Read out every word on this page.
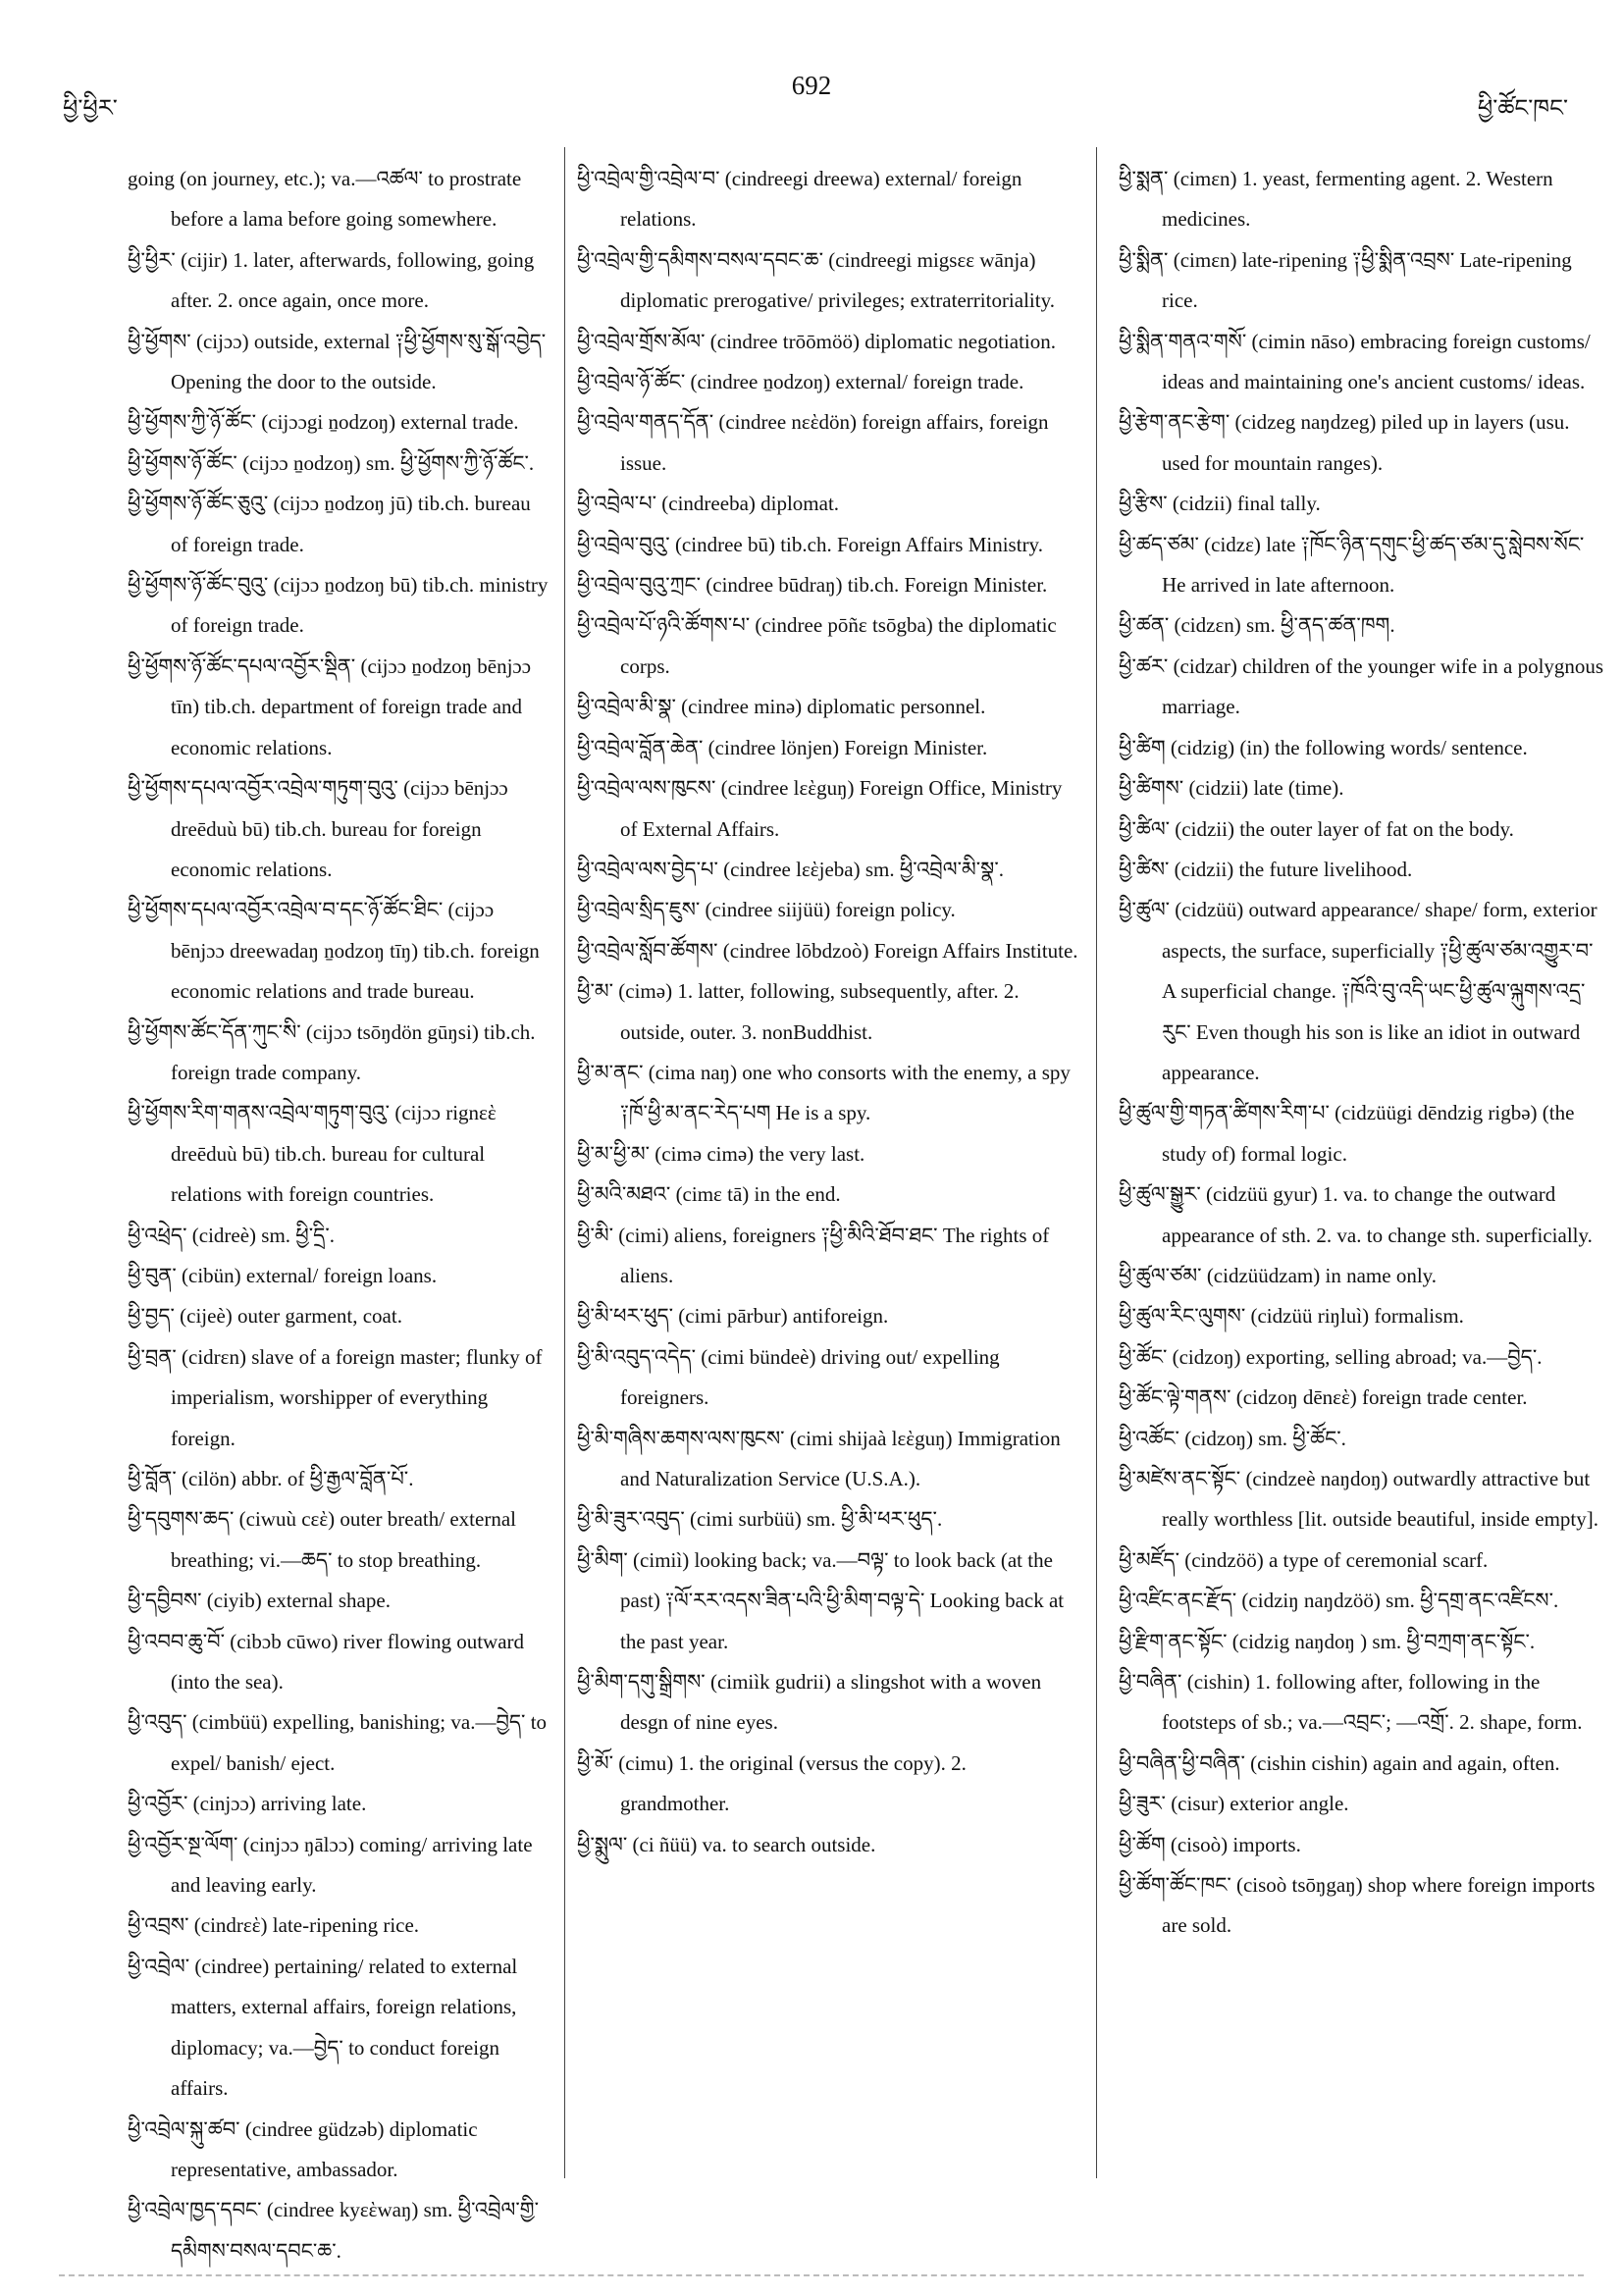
ཕྱི་ཕྱིར་
692
ཕྱི་ཚོང་ཁང་

going (on journey, etc.); va.—འཚལ་ to prostrate before a lama before going somewhere.

ཕྱི་ཕྱིར་ (cijir) 1. later, afterwards, following, going after. 2. once again, once more.

ཕྱི་ཕྱོགས་ (cijɔɔ) outside, external ༑ཕྱི་ཕྱོགས་སུ་སྒོ་འབྱེད་ Opening the door to the outside.

ཕྱི་ཕྱོགས་ཀྱི་ཉོ་ཚོང་ (cijɔɔgi ṉodzoŋ) external trade.

ཕྱི་ཕྱོགས་ཉོ་ཚོང་ (cijɔɔ ṉodzoŋ) sm. ཕྱི་ཕྱོགས་ཀྱི་ཉོ་ཚོང་.

ཕྱི་ཕྱོགས་ཉོ་ཚོང་ཅུའུ་ (cijɔɔ ṉodzoŋ jū) tib.ch. bureau of foreign trade.

ཕྱི་ཕྱོགས་ཉོ་ཚོང་བུའུ་ (cijɔɔ ṉodzoŋ bū) tib.ch. ministry of foreign trade.

ཕྱི་ཕྱོགས་ཉོ་ཚོང་དཔལ་འབྱོར་སྡིན་ (cijɔɔ ṉodzoŋ bēnjɔɔ tīn) tib.ch. department of foreign trade and economic relations.

ཕྱི་ཕྱོགས་དཔལ་འབྱོར་འབྲེལ་གཏུག་བུའུ་ (cijɔɔ bēnjɔɔ dreēduù bū) tib.ch. bureau for foreign economic relations.

ཕྱི་ཕྱོགས་དཔལ་འབྱོར་འབྲེལ་བ་དང་ཉོ་ཚོང་ཐིང་ (cijɔɔ bēnjɔɔ dreewadaŋ ṉodzoŋ tīŋ) tib.ch. foreign economic relations and trade bureau.

ཕྱི་ཕྱོགས་ཚོང་དོན་ཀུང་སི་ (cijɔɔ tsōŋdön gūŋsi) tib.ch. foreign trade company.

ཕྱི་ཕྱོགས་རིག་གནས་འབྲེལ་གཏུག་བུའུ་ (cijɔɔ rignεὲ dreēduù bū) tib.ch. bureau for cultural relations with foreign countries.

ཕྱི་འཕྲེད་ (cidreè) sm. ཕྱི་དྲི་.

ཕྱི་བུན་ (cibün) external/ foreign loans.

ཕྱི་བྱད་ (cijeè) outer garment, coat.

ཕྱི་བྲན་ (cidrεn) slave of a foreign master; flunky of imperialism, worshipper of everything foreign.

ཕྱི་བློན་ (cilön) abbr. of ཕྱི་རྒྱལ་བློན་པོ་.

ཕྱི་དབུགས་ཆད་ (ciwuù cεὲ) outer breath/ external breathing; vi.—ཆད་ to stop breathing.

ཕྱི་དབྱིབས་ (ciyib) external shape.

ཕྱི་འབབ་ཆུ་བོ་ (cibɔb cūwo) river flowing outward (into the sea).

ཕྱི་འབུད་ (cimbüü) expelling, banishing; va.—བྱེད་ to expel/ banish/ eject.

ཕྱི་འབྱོར་ (cinjɔɔ) arriving late.

ཕྱི་འབྱོར་སྔ་ལོག་ (cinjɔɔ ŋālɔɔ) coming/ arriving late and leaving early.

ཕྱི་འབྲས་ (cindrεὲ) late-ripening rice.

ཕྱི་འབྲེལ་ (cindree) pertaining/ related to external matters, external affairs, foreign relations, diplomacy; va.—བྱེད་ to conduct foreign affairs.

ཕྱི་འབྲེལ་སྐུ་ཚབ་ (cindree güdzəb) diplomatic representative, ambassador.

ཕྱི་འབྲེལ་ཁྱད་དབང་ (cindree kyεὲwaŋ) sm. ཕྱི་འབྲེལ་གྱི་དམིགས་བསལ་དབང་ཆ་.

ཕྱི་འབྲེལ་གྱི་འབྲེལ་བ་ (cindreegi dreewa) external/ foreign relations.

ཕྱི་འབྲེལ་གྱི་དམིགས་བསལ་དབང་ཆ་ (cindreegi migsεε wānja) diplomatic prerogative/ privileges; extraterritoriality.

ཕྱི་འབྲེལ་གྲོས་མོལ་ (cindree trōōmöö) diplomatic negotiation.

ཕྱི་འབྲེལ་ཉོ་ཚོང་ (cindree ṉodzoŋ) external/ foreign trade.

ཕྱི་འབྲེལ་གནད་དོན་ (cindree nεὲdön) foreign affairs, foreign issue.

ཕྱི་འབྲེལ་པ་ (cindreeba) diplomat.

ཕྱི་འབྲེལ་བུའུ་ (cindree bū) tib.ch. Foreign Affairs Ministry.

ཕྱི་འབྲེལ་བུའུ་ཀྲང་ (cindree būdraŋ) tib.ch. Foreign Minister.

ཕྱི་འབྲེལ་པོ་ཉའི་ཚོགས་པ་ (cindree pōñε tsōgba) the diplomatic corps.

ཕྱི་འབྲེལ་མི་སྣ་ (cindree minə) diplomatic personnel.

ཕྱི་འབྲེལ་བློན་ཆེན་ (cindree lönjen) Foreign Minister.

ཕྱི་འབྲེལ་ལས་ཁུངས་ (cindree lεὲguŋ) Foreign Office, Ministry of External Affairs.

ཕྱི་འབྲེལ་ལས་བྱེད་པ་ (cindree lεὲjeba) sm. ཕྱི་འབྲེལ་མི་སྣ་.

ཕྱི་འབྲེལ་སྲིད་ཇུས་ (cindree siijüü) foreign policy.

ཕྱི་འབྲེལ་སློབ་ཚོགས་ (cindree lōbdzoò) Foreign Affairs Institute.

ཕྱི་མ་ (cimə) 1. latter, following, subsequently, after. 2. outside, outer. 3. nonBuddhist.

ཕྱི་མ་ནང་ (cima naŋ) one who consorts with the enemy, a spy ༑ཁོ་ཕྱི་མ་ནང་རེད་པག He is a spy.

ཕྱི་མ་ཕྱི་མ་ (cimə cimə) the very last.

ཕྱི་མའི་མཐའ་ (cimε tā) in the end.

ཕྱི་མི་ (cimi) aliens, foreigners ༑ཕྱི་མིའི་ཐོབ་ཐང་ The rights of aliens.

ཕྱི་མི་ཕར་ཕུད་ (cimi pārbur) antiforeign.

ཕྱི་མི་འབུད་འདེད་ (cimi bündeè) driving out/ expelling foreigners.

ཕྱི་མི་གཞིས་ཆགས་ལས་ཁུངས་ (cimi shijaà lεὲguŋ) Immigration and Naturalization Service (U.S.A.).

ཕྱི་མི་ཟུར་འབུད་ (cimi surbüü) sm. ཕྱི་མི་ཕར་ཕུད་.

ཕྱི་མིག་ (cimiì) looking back; va.—བལྟ་ to look back (at the past) ༑ལོ་རར་འདས་ཟིན་པའི་ཕྱི་མིག་བལྟ་དེ་ Looking back at the past year.

ཕྱི་མིག་དགུ་སྒྲིགས་ (cimiìk gudrii) a slingshot with a woven desgn of nine eyes.

ཕྱི་མོ་ (cimu) 1. the original (versus the copy). 2. grandmother.

ཕྱི་སྨུལ་ (ci ñüü) va. to search outside.

ཕྱི་སྨན་ (cimεn) 1. yeast, fermenting agent. 2. Western medicines.

ཕྱི་སྨིན་ (cimεn) late-ripening ༑ཕྱི་སྨིན་འབྲས་ Late-ripening rice.

ཕྱི་སྨིན་གནའ་གསོ་ (cimin nāso) embracing foreign customs/ ideas and maintaining one's ancient customs/ ideas.

ཕྱི་རྩེག་ནང་རྩེག་ (cidzeg naŋdzeg) piled up in layers (usu. used for mountain ranges).

ཕྱི་རྩིས་ (cidzii) final tally.

ཕྱི་ཚད་ཙམ་ (cidzε) late ༑ཁོང་ཉིན་དགུང་ཕྱི་ཚད་ཙམ་དུ་སླེབས་སོང་ He arrived in late afternoon.

ཕྱི་ཚན་ (cidzεn) sm. ཕྱི་ནད་ཚན་ཁག.

ཕྱི་ཚར་ (cidzar) children of the younger wife in a polygnous marriage.

ཕྱི་ཚིག (cidzig) (in) the following words/ sentence.

ཕྱི་ཚིགས་ (cidzii) late (time).

ཕྱི་ཚིལ་ (cidzii) the outer layer of fat on the body.

ཕྱི་ཚིས་ (cidzii) the future livelihood.

ཕྱི་ཚུལ་ (cidzüü) outward appearance/ shape/ form, exterior aspects, the surface, superficially ༑ཕྱི་ཚུལ་ཙམ་འགྱུར་བ་ A superficial change. ༑ཁོའི་བུ་འདི་ཡང་ཕྱི་ཚུལ་ལྐུགས་འདྲ་རུང་ Even though his son is like an idiot in outward appearance.

ཕྱི་ཚུལ་གྱི་གཏན་ཚིགས་རིག་པ་ (cidzüügi dēndzig rigbə) (the study of) formal logic.

ཕྱི་ཚུལ་སྒྱུར་ (cidzüü gyur) 1. va. to change the outward appearance of sth. 2. va. to change sth. superficially.

ཕྱི་ཚུལ་ཙམ་ (cidzüüdzam) in name only.

ཕྱི་ཚུལ་རིང་ལུགས་ (cidzüü riŋluì) formalism.

ཕྱི་ཚོང་ (cidzoŋ) exporting, selling abroad; va.—བྱེད་.

ཕྱི་ཚོང་ལྟེ་གནས་ (cidzoŋ dēnεὲ) foreign trade center.

ཕྱི་འཚོང་ (cidzoŋ) sm. ཕྱི་ཚོང་.

ཕྱི་མཛེས་ནང་སྟོང་ (cindzeè naŋdoŋ) outwardly attractive but really worthless [lit. outside beautiful, inside empty].

ཕྱི་མཛོད་ (cindzöö) a type of ceremonial scarf.

ཕྱི་འཛིང་ནང་རྫོད་ (cidziŋ naŋdzöö) sm. ཕྱི་དགྲ་ནང་འཛིངས་.

ཕྱི་རྫིག་ནང་སྟོང་ (cidzig naŋdoŋ ) sm. ཕྱི་བཀྲག་ནང་སྟོང་.

ཕྱི་བཞིན་ (cishin) 1. following after, following in the footsteps of sb.; va.—འབྲང་; —འགྲོ་. 2. shape, form.

ཕྱི་བཞིན་ཕྱི་བཞིན་ (cishin cishin) again and again, often.

ཕྱི་ཟུར་ (cisur) exterior angle.

ཕྱི་ཚོག (cisoò) imports.

ཕྱི་ཚོག་ཚོང་ཁང་ (cisoò tsōŋgaŋ) shop where foreign imports are sold.
